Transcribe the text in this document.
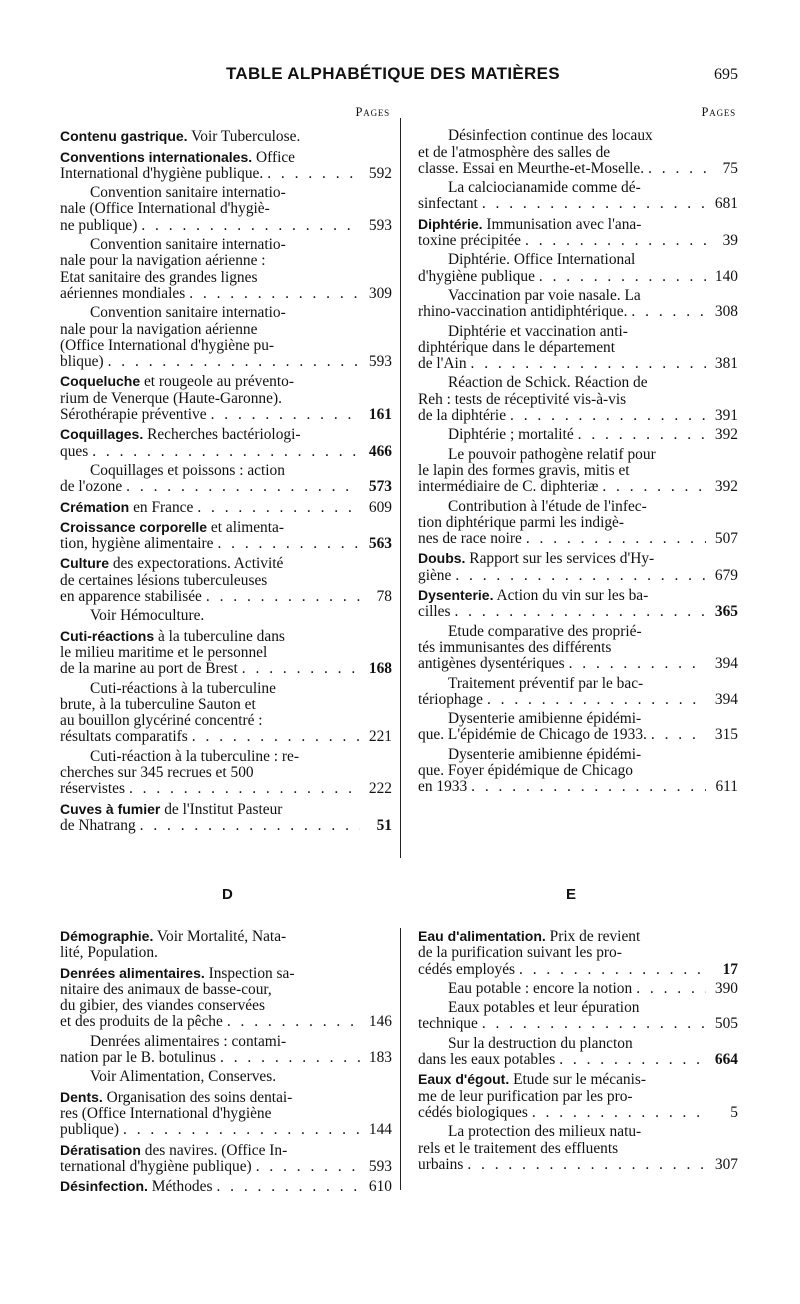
TABLE ALPHABÉTIQUE DES MATIÈRES	695
Pages
Contenu gastrique. Voir Tuberculose.
Conventions internationales. Office
International d'hygiène publique. . . .	592
Convention sanitaire internatio-
nale (Office International d'hygiè-
ne publique) . . .	593
Convention sanitaire internatio-
nale pour la navigation aérienne :
Etat sanitaire des grandes lignes
aériennes mondiales . . .	309
Convention sanitaire internatio-
nale pour la navigation aérienne
(Office International d'hygiène pu-
blique) . . .	593
Coqueluche et rougeole au prévento-
rium de Venerque (Haute-Garonne).
Sérothérapie préventive . . .	161
Coquillages. Recherches bactériologi-
ques . . .	466
Coquillages et poissons : action
de l'ozone . . .	573
Crémation en France . . .	609
Croissance corporelle et alimenta-
tion, hygiène alimentaire . . .	563
Culture des expectorations. Activité
de certaines lésions tuberculeuses
en apparence stabilisée . . .	78
Voir Hémoculture.
Cuti-réactions à la tuberculine dans
le milieu maritime et le personnel
de la marine au port de Brest . . .	168
Cuti-réactions à la tuberculine
brute, à la tuberculine Sauton et
au bouillon glycériné concentré :
résultats comparatifs . . .	221
Cuti-réaction à la tuberculine : re-
cherches sur 345 recrues et 500
réservistes . . .	222
Cuves à fumier de l'Institut Pasteur
de Nhatrang . . .	51
Pages
Désinfection continue des locaux
et de l'atmosphère des salles de
classe. Essai en Meurthe-et-Moselle. . . .	75
La calciocianamide comme dé-
sinfectant . . .	681
Diphtérie. Immunisation avec l'ana-
toxine précipitée . . .	39
Diphtérie. Office International
d'hygiène publique . . .	140
Vaccination par voie nasale. La
rhino-vaccination antidiphtérique. . . .	308
Diphtérie et vaccination anti-
diphtérique dans le département
de l'Ain . . .	381
Réaction de Schick. Réaction de
Reh : tests de réceptivité vis-à-vis
de la diphtérie . . .	391
Diphtérie ; mortalité . . .	392
Le pouvoir pathogène relatif pour
le lapin des formes gravis, mitis et
intermédiaire de C. diphteriæ . . .	392
Contribution à l'étude de l'infec-
tion diphtérique parmi les indigè-
nes de race noire . . .	507
Doubs. Rapport sur les services d'Hy-
giène . . .	679
Dysenterie. Action du vin sur les ba-
cilles . . .	365
Etude comparative des proprié-
tés immunisantes des différents
antigènes dysentériques . . .	394
Traitement préventif par le bac-
tériophage . . .	394
Dysenterie amibienne épidémi-
que. L'épidémie de Chicago de 1933. . . .	315
Dysenterie amibienne épidémi-
que. Foyer épidémique de Chicago
en 1933 . . .	611
D	E
Démographie. Voir Mortalité, Nata-
lité, Population.
Denrées alimentaires. Inspection sa-
nitaire des animaux de basse-cour,
du gibier, des viandes conservées
et des produits de la pêche . . .	146
Denrées alimentaires : contami-
nation par le B. botulinus . . .	183
Voir Alimentation, Conserves.
Dents. Organisation des soins dentai-
res (Office International d'hygiène
publique) . . .	144
Dératisation des navires. (Office In-
ternational d'hygiène publique) . . .	593
Désinfection. Méthodes . . .	610
Eau d'alimentation. Prix de revient
de la purification suivant les pro-
cédés employés . . .	17
Eau potable : encore la notion . . .	390
Eaux potables et leur épuration
technique . . .	505
Sur la destruction du plancton
dans les eaux potables . . .	664
Eaux d'égout. Etude sur le mécanis-
me de leur purification par les pro-
cédés biologiques . . .	5
La protection des milieux natu-
rels et le traitement des effluents
urbains . . .	307
